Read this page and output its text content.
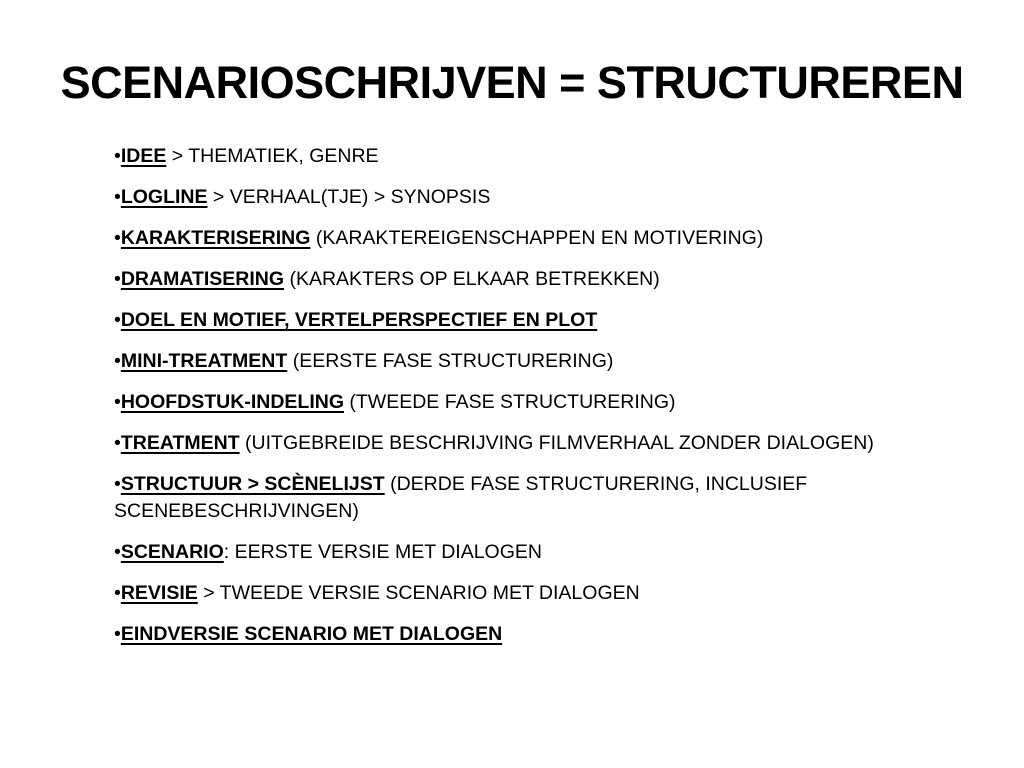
SCENARIOSCHRIJVEN = STRUCTUREREN
•IDEE > THEMATIEK, GENRE
•LOGLINE > VERHAAL(TJE) > SYNOPSIS
•KARAKTERISERING (KARAKTEREIGENSCHAPPEN EN MOTIVERING)
•DRAMATISERING (KARAKTERS OP ELKAAR BETREKKEN)
•DOEL EN MOTIEF, VERTELPERSPECTIEF EN PLOT
•MINI-TREATMENT (EERSTE FASE STRUCTURERING)
•HOOFDSTUK-INDELING (TWEEDE FASE STRUCTURERING)
•TREATMENT (UITGEBREIDE BESCHRIJVING FILMVERHAAL ZONDER DIALOGEN)
•STRUCTUUR > SCÈNELIJST (DERDE FASE STRUCTURERING, INCLUSIEF SCENEBESCHRIJVINGEN)
•SCENARIO: EERSTE VERSIE MET DIALOGEN
•REVISIE > TWEEDE VERSIE SCENARIO MET DIALOGEN
•EINDVERSIE SCENARIO MET DIALOGEN
